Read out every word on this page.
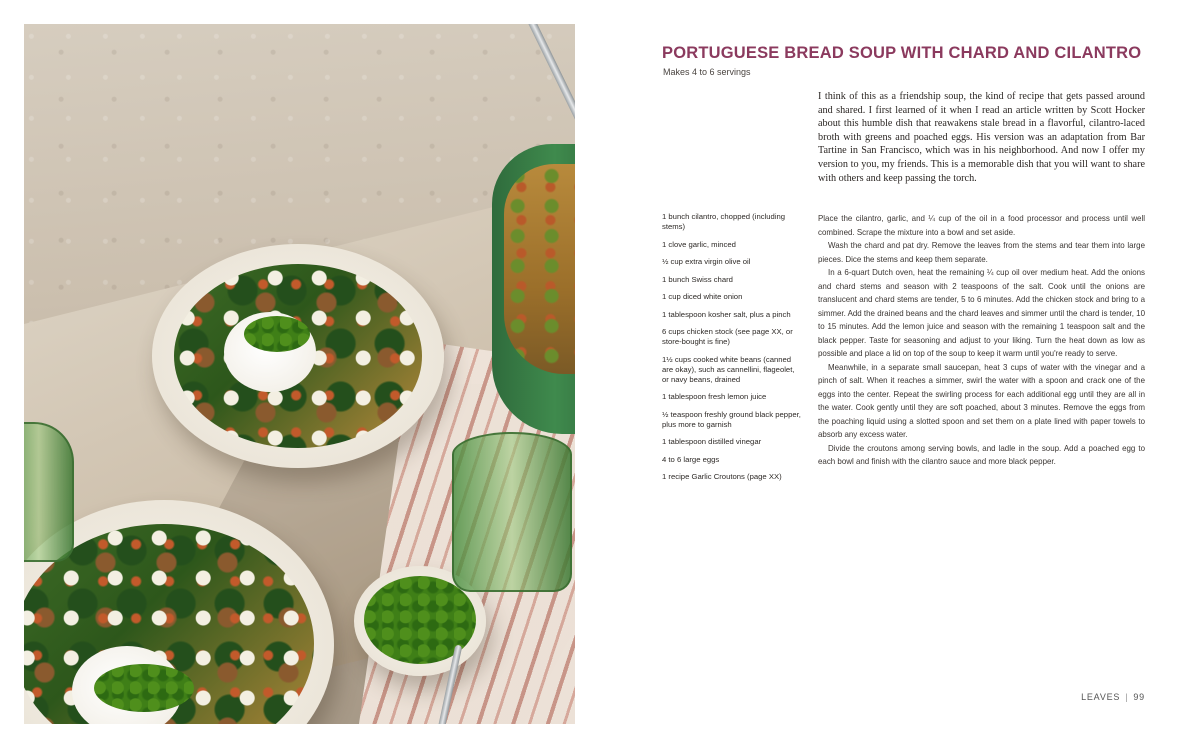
PORTUGUESE BREAD SOUP WITH CHARD AND CILANTRO
Makes 4 to 6 servings

I think of this as a friendship soup, the kind of recipe that gets passed around and shared. I first learned of it when I read an article written by Scott Hocker about this humble dish that reawakens stale bread in a flavorful, cilantro-laced broth with greens and poached eggs. His version was an adaptation from Bar Tartine in San Francisco, which was in his neighborhood. And now I offer my version to you, my friends. This is a memorable dish that you will want to share with others and keep passing the torch.

1 bunch cilantro, chopped (including stems)
1 clove garlic, minced
½ cup extra virgin olive oil
1 bunch Swiss chard
1 cup diced white onion
1 tablespoon kosher salt, plus a pinch
6 cups chicken stock (see page XX, or store-bought is fine)
1½ cups cooked white beans (canned are okay), such as cannellini, flageolet, or navy beans, drained
1 tablespoon fresh lemon juice
½ teaspoon freshly ground black pepper, plus more to garnish
1 tablespoon distilled vinegar
4 to 6 large eggs
1 recipe Garlic Croutons (page XX)

Place the cilantro, garlic, and ¼ cup of the oil in a food processor and process until well combined. Scrape the mixture into a bowl and set aside.

Wash the chard and pat dry. Remove the leaves from the stems and tear them into large pieces. Dice the stems and keep them separate.

In a 6-quart Dutch oven, heat the remaining ¼ cup oil over medium heat. Add the onions and chard stems and season with 2 teaspoons of the salt. Cook until the onions are translucent and chard stems are tender, 5 to 6 minutes. Add the chicken stock and bring to a simmer. Add the drained beans and the chard leaves and simmer until the chard is tender, 10 to 15 minutes. Add the lemon juice and season with the remaining 1 teaspoon salt and the black pepper. Taste for seasoning and adjust to your liking. Turn the heat down as low as possible and place a lid on top of the soup to keep it warm until you're ready to serve.

Meanwhile, in a separate small saucepan, heat 3 cups of water with the vinegar and a pinch of salt. When it reaches a simmer, swirl the water with a spoon and crack one of the eggs into the center. Repeat the swirling process for each additional egg until they are all in the water. Cook gently until they are soft poached, about 3 minutes. Remove the eggs from the poaching liquid using a slotted spoon and set them on a plate lined with paper towels to absorb any excess water.

Divide the croutons among serving bowls, and ladle in the soup. Add a poached egg to each bowl and finish with the cilantro sauce and more black pepper.

LEAVES | 99
